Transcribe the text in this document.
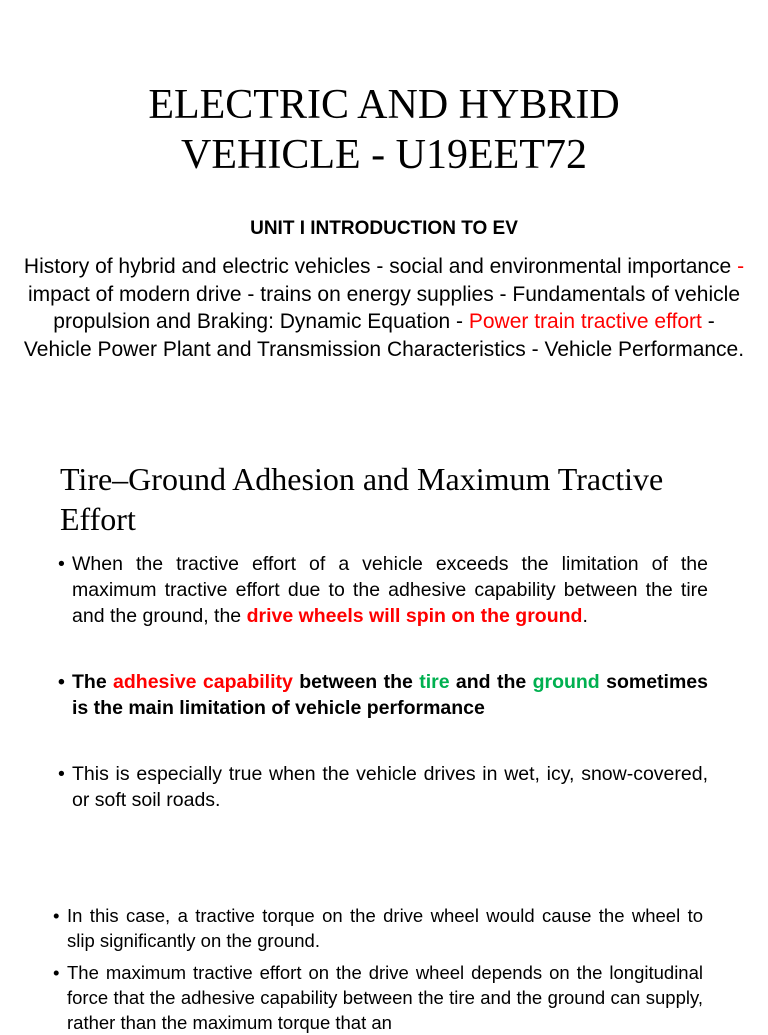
ELECTRIC AND HYBRID
VEHICLE - U19EET72
UNIT I INTRODUCTION TO EV
History of hybrid and electric vehicles - social and environmental importance - impact of modern drive - trains on energy supplies - Fundamentals of vehicle propulsion and Braking: Dynamic Equation - Power train tractive effort - Vehicle Power Plant and Transmission Characteristics - Vehicle Performance.
Tire–Ground Adhesion and Maximum Tractive Effort
• When the tractive effort of a vehicle exceeds the limitation of the maximum tractive effort due to the adhesive capability between the tire and the ground, the drive wheels will spin on the ground.
• The adhesive capability between the tire and the ground sometimes is the main limitation of vehicle performance
• This is especially true when the vehicle drives in wet, icy, snow-covered, or soft soil roads.
• In this case, a tractive torque on the drive wheel would cause the wheel to slip significantly on the ground.
• The maximum tractive effort on the drive wheel depends on the longitudinal force that the adhesive capability between the tire and the ground can supply, rather than the maximum torque that an
